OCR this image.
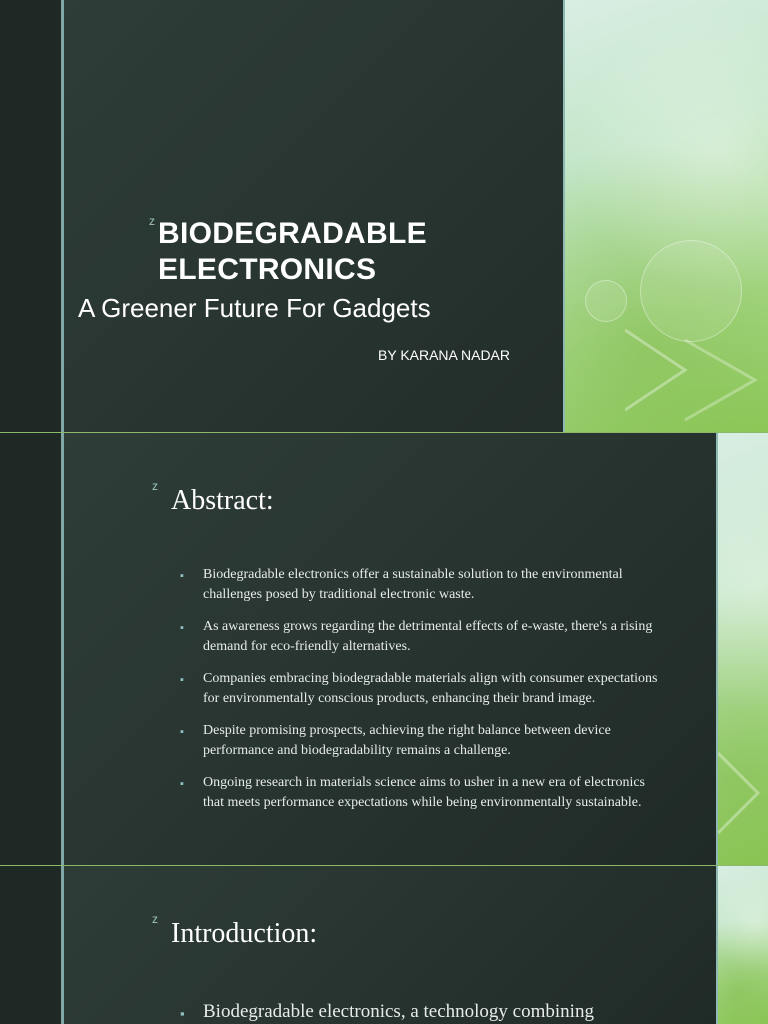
z BIODEGRADABLE ELECTRONICS
A Greener Future For Gadgets
BY KARANA NADAR
z Abstract:
▪ Biodegradable electronics offer a sustainable solution to the environmental challenges posed by traditional electronic waste.
▪ As awareness grows regarding the detrimental effects of e-waste, there's a rising demand for eco-friendly alternatives.
▪ Companies embracing biodegradable materials align with consumer expectations for environmentally conscious products, enhancing their brand image.
▪ Despite promising prospects, achieving the right balance between device performance and biodegradability remains a challenge.
▪ Ongoing research in materials science aims to usher in a new era of electronics that meets performance expectations while being environmentally sustainable.
z Introduction:
▪ Biodegradable electronics, a technology combining
